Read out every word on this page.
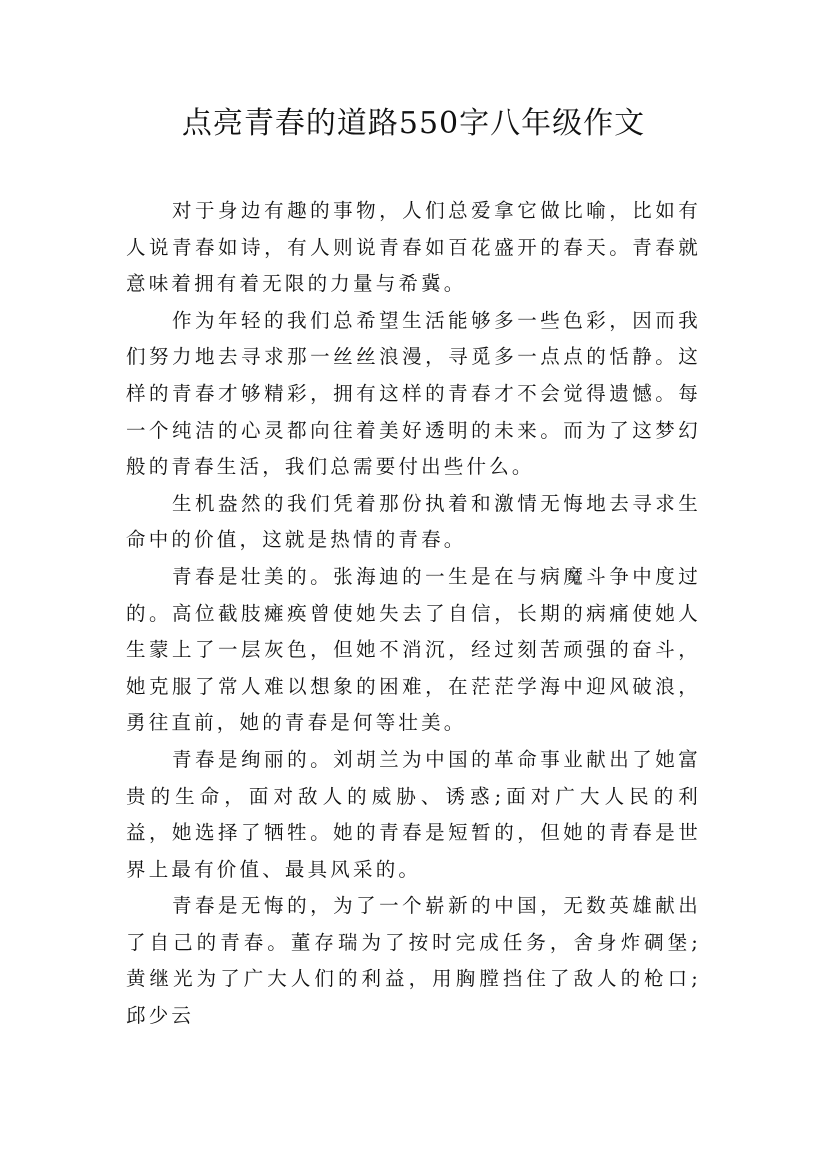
点亮青春的道路550字八年级作文

对于身边有趣的事物，人们总爱拿它做比喻，比如有人说青春如诗，有人则说青春如百花盛开的春天。青春就意味着拥有着无限的力量与希冀。

作为年轻的我们总希望生活能够多一些色彩，因而我们努力地去寻求那一丝丝浪漫，寻觅多一点点的恬静。这样的青春才够精彩，拥有这样的青春才不会觉得遗憾。每一个纯洁的心灵都向往着美好透明的未来。而为了这梦幻般的青春生活，我们总需要付出些什么。

生机盎然的我们凭着那份执着和激情无悔地去寻求生命中的价值，这就是热情的青春。

青春是壮美的。张海迪的一生是在与病魔斗争中度过的。高位截肢瘫痪曾使她失去了自信，长期的病痛使她人生蒙上了一层灰色，但她不消沉，经过刻苦顽强的奋斗，她克服了常人难以想象的困难，在茫茫学海中迎风破浪，勇往直前，她的青春是何等壮美。

青春是绚丽的。刘胡兰为中国的革命事业献出了她富贵的生命，面对敌人的威胁、诱惑;面对广大人民的利益，她选择了牺牲。她的青春是短暂的，但她的青春是世界上最有价值、最具风采的。

青春是无悔的，为了一个崭新的中国，无数英雄献出了自己的青春。董存瑞为了按时完成任务，舍身炸碉堡;黄继光为了广大人们的利益，用胸膛挡住了敌人的枪口;邱少云
